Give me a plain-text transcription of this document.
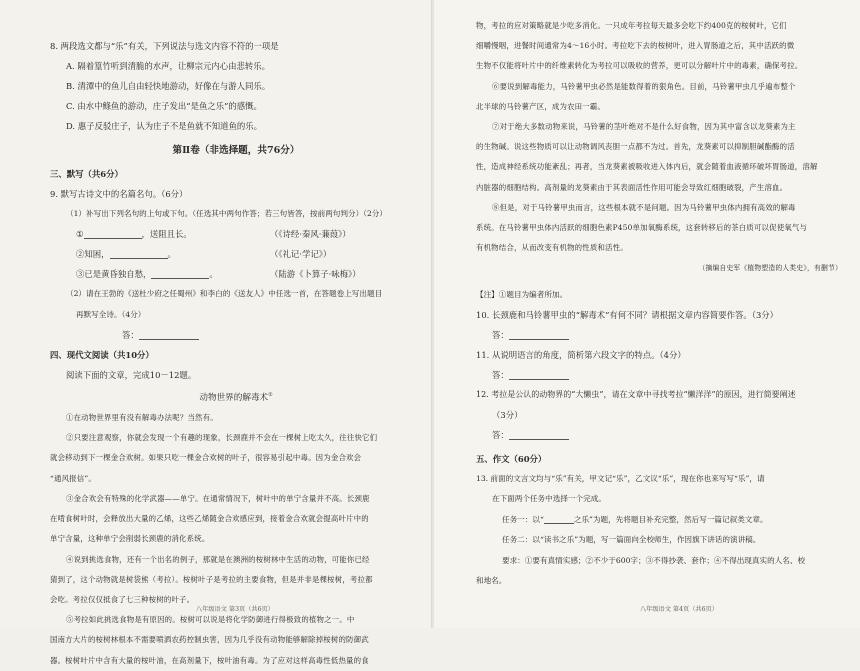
8. 两段选文都与“乐”有关，下列说法与选文内容不符的一项是
A. 隔着篁竹听到清脆的水声，让柳宗元内心由悲转乐。
B. 清潭中的鱼儿自由轻快地游动，好像在与游人同乐。
C. 由水中鲦鱼的游动，庄子发出“是鱼之乐”的感慨。
D. 惠子反驳庄子，认为庄子不是鱼就不知道鱼的乐。
第Ⅱ卷（非选择题，共76分）
三、默写（共6分）
9. 默写古诗文中的名篇名句。（6分）
（1）补写出下列名句的上句或下句。（任选其中两句作答；若三句皆答，按前两句判分）（2分）
①	，送阻且长。	（《诗经·秦风·蒹葭》）
②知困，	。	（《礼记·学记》）
③已是黄昏独自愁，	。	（陆游《卜算子·咏梅》）
（2）请在王勃的《送杜少府之任蜀州》和李白的《送友人》中任选一首，在答题卷上写出题目
再默写全诗。（4分）
答：
四、现代文阅读（共10分）
阅读下面的文章，完成10－12题。
动物世界的解毒术①
①在动物世界里有没有解毒办法呢？当然有。
②只要注意观察，你就会发现一个有趣的现象，长颈鹿并不会在一棵树上吃太久，往往快它们
就会移动到下一棵金合欢树。如果只吃一棵金合欢树的叶子，很容易引起中毒。因为金合欢会
“通风报信”。
③金合欢会有特殊的化学武器——单宁。在通常情况下，树叶中的单宁含量并不高。长颈鹿
在啃食树叶时，会释放出大量的乙烯，这些乙烯随金合欢感应到，接着金合欢就会提高叶片中的
单宁含量，这种单宁会削弱长颈鹿的消化系统。
④说到挑选食物，还有一个出名的例子，那就是在澳洲的桉树林中生活的动物，可能你已经
猜到了，这个动物就是树袋熊（考拉）。桉树叶子是考拉的主要食物，但是并非是棵桉树，考拉都
会吃。考拉仅仅抵食了七三种桉树的叶子。
⑤考拉如此挑选食物是有原因的。桉树可以说是将化学防御进行得极致的植物之一。中
国南方大片的桉树林根本不需要喷洒农药控制虫害，因为几乎没有动物能够解除掉桉树的防御武
器。桉树叶片中含有大量的桉叶油，在高剂量下，桉叶油有毒。为了应对这样高毒性低热量的食
八年级语文 第3页（共6页）
物，考拉的应对策略就是少吃多消化。一只成年考拉每天最多会吃下约400克的桉树叶，它们
细嚼慢咽，进餐时间通常为4～16小时。考拉吃下去的桉树叶，进入胃肠道之后，其中活跃的微
生物不仅能将叶片中的纤维素转化为考拉可以吸收的营养，更可以分解叶片中的毒素，确保考拉。
⑥要说到解毒能力，马铃薯甲虫必然是能数得着的狠角色。目前，马铃薯甲虫几乎遍布整个
北半球的马铃薯产区，成为农田一霸。
⑦对于绝大多数动物来说，马铃薯的茎叶绝对不是什么好食物，因为其中富含以龙葵素为主
的生物碱。说这些物质可以让动物调风丧胆一点都不为过。首先，龙葵素可以抑制胆碱酯酶的活
性，造成神经系统功能紊乱；再者，当龙葵素被吸收进入体内后，就会随着血液循环破坏胃肠道，溶解
内脏器的细胞结构。高剂量的龙葵素由于其表面活性作用可能会导致红细胞破裂，产生溶血。
⑧但是，对于马铃薯甲虫而言，这些根本就不是问题。因为马铃薯甲虫体内拥有高效的解毒
系统。在马铃薯甲虫体内活跃的细胞色素P450单加氧酶系统，这套转移后的茶白质可以促使氧气与
有机物结合，从而改变有机物的性质和活性。
（摘编自史军《植物塑造的人类史》，有删节）
【注】①题目为编者所加。
10. 长颈鹿和马铃薯甲虫的“解毒术”有何不同？请根据文章内容简要作答。（3分）
答：
11. 从说明语言的角度，简析第六段文字的特点。（4分）
答：
12. 考拉是公认的动物界的“大懒虫”，请在文章中寻找考拉“懒洋洋”的原因，进行简要阐述
（3分）
答：
五、作文（60分）
13. 前面的文言文均与“乐”有关，甲文记“乐”，乙文议“乐”，现在你也来写写“乐”，请
在下面两个任务中选择一个完成。
任务一：以“	之乐”为题，先将题目补充完整，然后写一篇记叙类文章。
任务二：以“读书之乐”为题，写一篇面向全校师生，作因旗下讲话的演讲稿。
要求：①要有真情实感；②不少于600字；③不得抄袭、套作；④不得出现真实的人名、校
和地名。
八年级语文 第4页（共6页）
